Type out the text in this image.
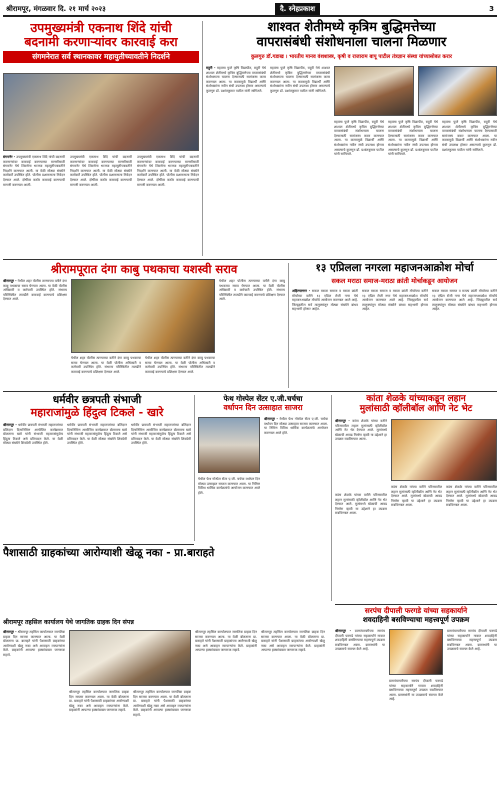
श्रीरामपूर, मंगळवार दि. २१ मार्च २०२३	दै. स्नेहप्रकाश	3
उपमुख्यमंत्री एकनाथ शिंदे यांची
बदनामी करणाऱ्यांवर कारवाई करा
संगमनेरात सर्व स्थानकावर महायुतीच्यावतीने निदर्शने
संगमनेर - उपमुख्यमंत्री एकनाथ शिंदे यांची बदनामी करणाऱ्यांवर कारवाई करण्याच्या मागणीसाठी संगमनेर येथे शिवसेना भाजपा महायुतीच्यावतीने निदर्शने करण्यात आली. या वेळी मोठ्या संख्येने कार्यकर्ते उपस्थित होते. पोलीस प्रशासनाला निवेदन देण्यात आले. दोषींवर कठोर कारवाई करण्याची मागणी करण्यात आली.
उपमुख्यमंत्री एकनाथ शिंदे यांची बदनामी करणाऱ्यांवर कारवाई करण्याच्या मागणीसाठी संगमनेर येथे शिवसेना भाजपा महायुतीच्यावतीने निदर्शने करण्यात आली. या वेळी मोठ्या संख्येने कार्यकर्ते उपस्थित होते. पोलीस प्रशासनाला निवेदन देण्यात आले. दोषींवर कठोर कारवाई करण्याची मागणी करण्यात आली.
उपमुख्यमंत्री एकनाथ शिंदे यांची बदनामी करणाऱ्यांवर कारवाई करण्याच्या मागणीसाठी संगमनेर येथे शिवसेना भाजपा महायुतीच्यावतीने निदर्शने करण्यात आली. या वेळी मोठ्या संख्येने कार्यकर्ते उपस्थित होते. पोलीस प्रशासनाला निवेदन देण्यात आले. दोषींवर कठोर कारवाई करण्याची मागणी करण्यात आली.
शाश्वत शेतीमध्ये कृत्रिम बुद्धिमत्तेच्या
वापरासंबंधी संशोधनाला चालना मिळणार
कुलगुरु डॉ.गडाख । भारतीय मानव वंशशास्त्र, कृषी व राजाराम बापू पाटील तंत्रज्ञान संस्था यांच्यासोबत करार
राहुरी - महात्मा फुले कृषि विद्यापीठ, राहुरी येथे शाश्वत शेतीमध्ये कृत्रिम बुद्धिमत्तेच्या वापरासंबंधी संशोधनाला चालना देण्यासाठी सामंजस्य करार करण्यात आला. या करारामुळे विद्यार्थी आणि संशोधकांना नवीन संधी उपलब्ध होणार असल्याचे कुलगुरु डॉ. प्रशांतकुमार पाटील यांनी सांगितले.
महात्मा फुले कृषि विद्यापीठ, राहुरी येथे शाश्वत शेतीमध्ये कृत्रिम बुद्धिमत्तेच्या वापरासंबंधी संशोधनाला चालना देण्यासाठी सामंजस्य करार करण्यात आला. या करारामुळे विद्यार्थी आणि संशोधकांना नवीन संधी उपलब्ध होणार असल्याचे कुलगुरु डॉ. प्रशांतकुमार पाटील यांनी सांगितले.
महात्मा फुले कृषि विद्यापीठ, राहुरी येथे शाश्वत शेतीमध्ये कृत्रिम बुद्धिमत्तेच्या वापरासंबंधी संशोधनाला चालना देण्यासाठी सामंजस्य करार करण्यात आला. या करारामुळे विद्यार्थी आणि संशोधकांना नवीन संधी उपलब्ध होणार असल्याचे कुलगुरु डॉ. प्रशांतकुमार पाटील यांनी सांगितले.
महात्मा फुले कृषि विद्यापीठ, राहुरी येथे शाश्वत शेतीमध्ये कृत्रिम बुद्धिमत्तेच्या वापरासंबंधी संशोधनाला चालना देण्यासाठी सामंजस्य करार करण्यात आला. या करारामुळे विद्यार्थी आणि संशोधकांना नवीन संधी उपलब्ध होणार असल्याचे कुलगुरु डॉ. प्रशांतकुमार पाटील यांनी सांगितले.
महात्मा फुले कृषि विद्यापीठ, राहुरी येथे शाश्वत शेतीमध्ये कृत्रिम बुद्धिमत्तेच्या वापरासंबंधी संशोधनाला चालना देण्यासाठी सामंजस्य करार करण्यात आला. या करारामुळे विद्यार्थी आणि संशोधकांना नवीन संधी उपलब्ध होणार असल्याचे कुलगुरु डॉ. प्रशांतकुमार पाटील यांनी सांगितले.
श्रीरामपूरात दंगा काबु पथकाचा यशस्वी सराव
श्रीरामपूर - येथील शहर पोलीस ठाण्याच्या वतीने दंगा काबु पथकाचा सराव घेण्यात आला. या वेळी पोलीस अधिकारी व कर्मचारी उपस्थित होते. संभाव्य परिस्थितीत तातडीने कारवाई करण्याचे प्रशिक्षण देण्यात आले.
येथील शहर पोलीस ठाण्याच्या वतीने दंगा काबु पथकाचा सराव घेण्यात आला. या वेळी पोलीस अधिकारी व कर्मचारी उपस्थित होते. संभाव्य परिस्थितीत तातडीने कारवाई करण्याचे प्रशिक्षण देण्यात आले.
येथील शहर पोलीस ठाण्याच्या वतीने दंगा काबु पथकाचा सराव घेण्यात आला. या वेळी पोलीस अधिकारी व कर्मचारी उपस्थित होते. संभाव्य परिस्थितीत तातडीने कारवाई करण्याचे प्रशिक्षण देण्यात आले.
येथील शहर पोलीस ठाण्याच्या वतीने दंगा काबु पथकाचा सराव घेण्यात आला. या वेळी पोलीस अधिकारी व कर्मचारी उपस्थित होते. संभाव्य परिस्थितीत तातडीने कारवाई करण्याचे प्रशिक्षण देण्यात आले.
१३ एप्रिलला नगरला महाजनआक्रोश मोर्चा
सकल मराठा समाज-मराठा क्रांती मोर्चाकडून आयोजन
अहिल्यानगर - सकल मराठा समाज व मराठा क्रांती मोर्चाच्या वतीने १३ एप्रिल रोजी नगर येथे महाजनआक्रोश मोर्चाचे आयोजन करण्यात आले आहे. जिल्ह्यातील सर्व तालुक्यांतून मोठ्या संख्येने बांधव सहभागी होणार आहेत.
सकल मराठा समाज व मराठा क्रांती मोर्चाच्या वतीने १३ एप्रिल रोजी नगर येथे महाजनआक्रोश मोर्चाचे आयोजन करण्यात आले आहे. जिल्ह्यातील सर्व तालुक्यांतून मोठ्या संख्येने बांधव सहभागी होणार आहेत.
सकल मराठा समाज व मराठा क्रांती मोर्चाच्या वतीने १३ एप्रिल रोजी नगर येथे महाजनआक्रोश मोर्चाचे आयोजन करण्यात आले आहे. जिल्ह्यातील सर्व तालुक्यांतून मोठ्या संख्येने बांधव सहभागी होणार आहेत.
धर्मवीर छत्रपती संभाजी
महाराजांमुळे हिंदुत्व टिकले - खारे
श्रीरामपूर - धर्मवीर छत्रपती संभाजी महाराजांच्या बलिदान दिनानिमित्त आयोजित कार्यक्रमात बोलताना खारे यांनी संभाजी महाराजांमुळेच हिंदुत्व टिकले असे प्रतिपादन केले. या वेळी मोठ्या संख्येने शिवप्रेमी उपस्थित होते.
धर्मवीर छत्रपती संभाजी महाराजांच्या बलिदान दिनानिमित्त आयोजित कार्यक्रमात बोलताना खारे यांनी संभाजी महाराजांमुळेच हिंदुत्व टिकले असे प्रतिपादन केले. या वेळी मोठ्या संख्येने शिवप्रेमी उपस्थित होते.
धर्मवीर छत्रपती संभाजी महाराजांच्या बलिदान दिनानिमित्त आयोजित कार्यक्रमात बोलताना खारे यांनी संभाजी महाराजांमुळेच हिंदुत्व टिकले असे प्रतिपादन केले. या वेळी मोठ्या संख्येने शिवप्रेमी उपस्थित होते.
फेथ गोस्पेल सेंटर ए.जी.चर्चचा
वर्धापन दिन उत्साहात साजरा
श्रीरामपूर - येथील फेथ गोस्पेल सेंटर ए.जी. चर्चचा वर्धापन दिन मोठ्या उत्साहात साजरा करण्यात आला. या निमित्त विविध धार्मिक कार्यक्रमांचे आयोजन करण्यात आले होते.
येथील फेथ गोस्पेल सेंटर ए.जी. चर्चचा वर्धापन दिन मोठ्या उत्साहात साजरा करण्यात आला. या निमित्त विविध धार्मिक कार्यक्रमांचे आयोजन करण्यात आले होते.
कांता शेळके यांच्याकडून लहान
मुलांसाठी व्हॉलीबॉल आणि नेट भेट
श्रीरामपूर - कांता शेळके यांच्या वतीने परिसरातील लहान मुलांसाठी व्हॉलीबॉल आणि नेट भेट देण्यात आले. मुलांमध्ये खेळाची आवड निर्माण व्हावी या उद्देशाने हा उपक्रम राबविण्यात आला.
कांता शेळके यांच्या वतीने परिसरातील लहान मुलांसाठी व्हॉलीबॉल आणि नेट भेट देण्यात आले. मुलांमध्ये खेळाची आवड निर्माण व्हावी या उद्देशाने हा उपक्रम राबविण्यात आला.
कांता शेळके यांच्या वतीने परिसरातील लहान मुलांसाठी व्हॉलीबॉल आणि नेट भेट देण्यात आले. मुलांमध्ये खेळाची आवड निर्माण व्हावी या उद्देशाने हा उपक्रम राबविण्यात आला.
कांता शेळके यांच्या वतीने परिसरातील लहान मुलांसाठी व्हॉलीबॉल आणि नेट भेट देण्यात आले. मुलांमध्ये खेळाची आवड निर्माण व्हावी या उद्देशाने हा उपक्रम राबविण्यात आला.
पैशासाठी ग्राहकांच्या आरोग्याशी खेळू नका - प्रा.बाराहते
श्रीरामपूर तहसिल कार्यालय येथे जागतिक ग्राहक दिन संपन्न
श्रीरामपूर - श्रीरामपूर तहसिल कार्यालयात जागतिक ग्राहक दिन साजरा करण्यात आला. या वेळी बोलताना प्रा. बाराहते यांनी पैशासाठी ग्राहकांच्या आरोग्याशी खेळू नका असे आवाहन व्यापाऱ्यांना केले. ग्राहकांनी आपल्या हक्कांबाबत जागरूक राहावे.
श्रीरामपूर तहसिल कार्यालयात जागतिक ग्राहक दिन साजरा करण्यात आला. या वेळी बोलताना प्रा. बाराहते यांनी पैशासाठी ग्राहकांच्या आरोग्याशी खेळू नका असे आवाहन व्यापाऱ्यांना केले. ग्राहकांनी आपल्या हक्कांबाबत जागरूक राहावे.
श्रीरामपूर तहसिल कार्यालयात जागतिक ग्राहक दिन साजरा करण्यात आला. या वेळी बोलताना प्रा. बाराहते यांनी पैशासाठी ग्राहकांच्या आरोग्याशी खेळू नका असे आवाहन व्यापाऱ्यांना केले. ग्राहकांनी आपल्या हक्कांबाबत जागरूक राहावे.
श्रीरामपूर तहसिल कार्यालयात जागतिक ग्राहक दिन साजरा करण्यात आला. या वेळी बोलताना प्रा. बाराहते यांनी पैशासाठी ग्राहकांच्या आरोग्याशी खेळू नका असे आवाहन व्यापाऱ्यांना केले. ग्राहकांनी आपल्या हक्कांबाबत जागरूक राहावे.
श्रीरामपूर तहसिल कार्यालयात जागतिक ग्राहक दिन साजरा करण्यात आला. या वेळी बोलताना प्रा. बाराहते यांनी पैशासाठी ग्राहकांच्या आरोग्याशी खेळू नका असे आवाहन व्यापाऱ्यांना केले. ग्राहकांनी आपल्या हक्कांबाबत जागरूक राहावे.
सरपंच दीपाली फरगडे यांच्या सहकार्याने
शवदाहिनी बसविण्याचा महत्त्वपूर्ण उपक्रम
श्रीरामपूर - ग्रामपंचायतीच्या सरपंच दीपाली फरगडे यांच्या सहकार्याने गावात शवदाहिनी बसविण्याचा महत्त्वपूर्ण उपक्रम राबविण्यात आला. ग्रामस्थांनी या उपक्रमाचे स्वागत केले आहे.
ग्रामपंचायतीच्या सरपंच दीपाली फरगडे यांच्या सहकार्याने गावात शवदाहिनी बसविण्याचा महत्त्वपूर्ण उपक्रम राबविण्यात आला. ग्रामस्थांनी या उपक्रमाचे स्वागत केले आहे.
ग्रामपंचायतीच्या सरपंच दीपाली फरगडे यांच्या सहकार्याने गावात शवदाहिनी बसविण्याचा महत्त्वपूर्ण उपक्रम राबविण्यात आला. ग्रामस्थांनी या उपक्रमाचे स्वागत केले आहे.
